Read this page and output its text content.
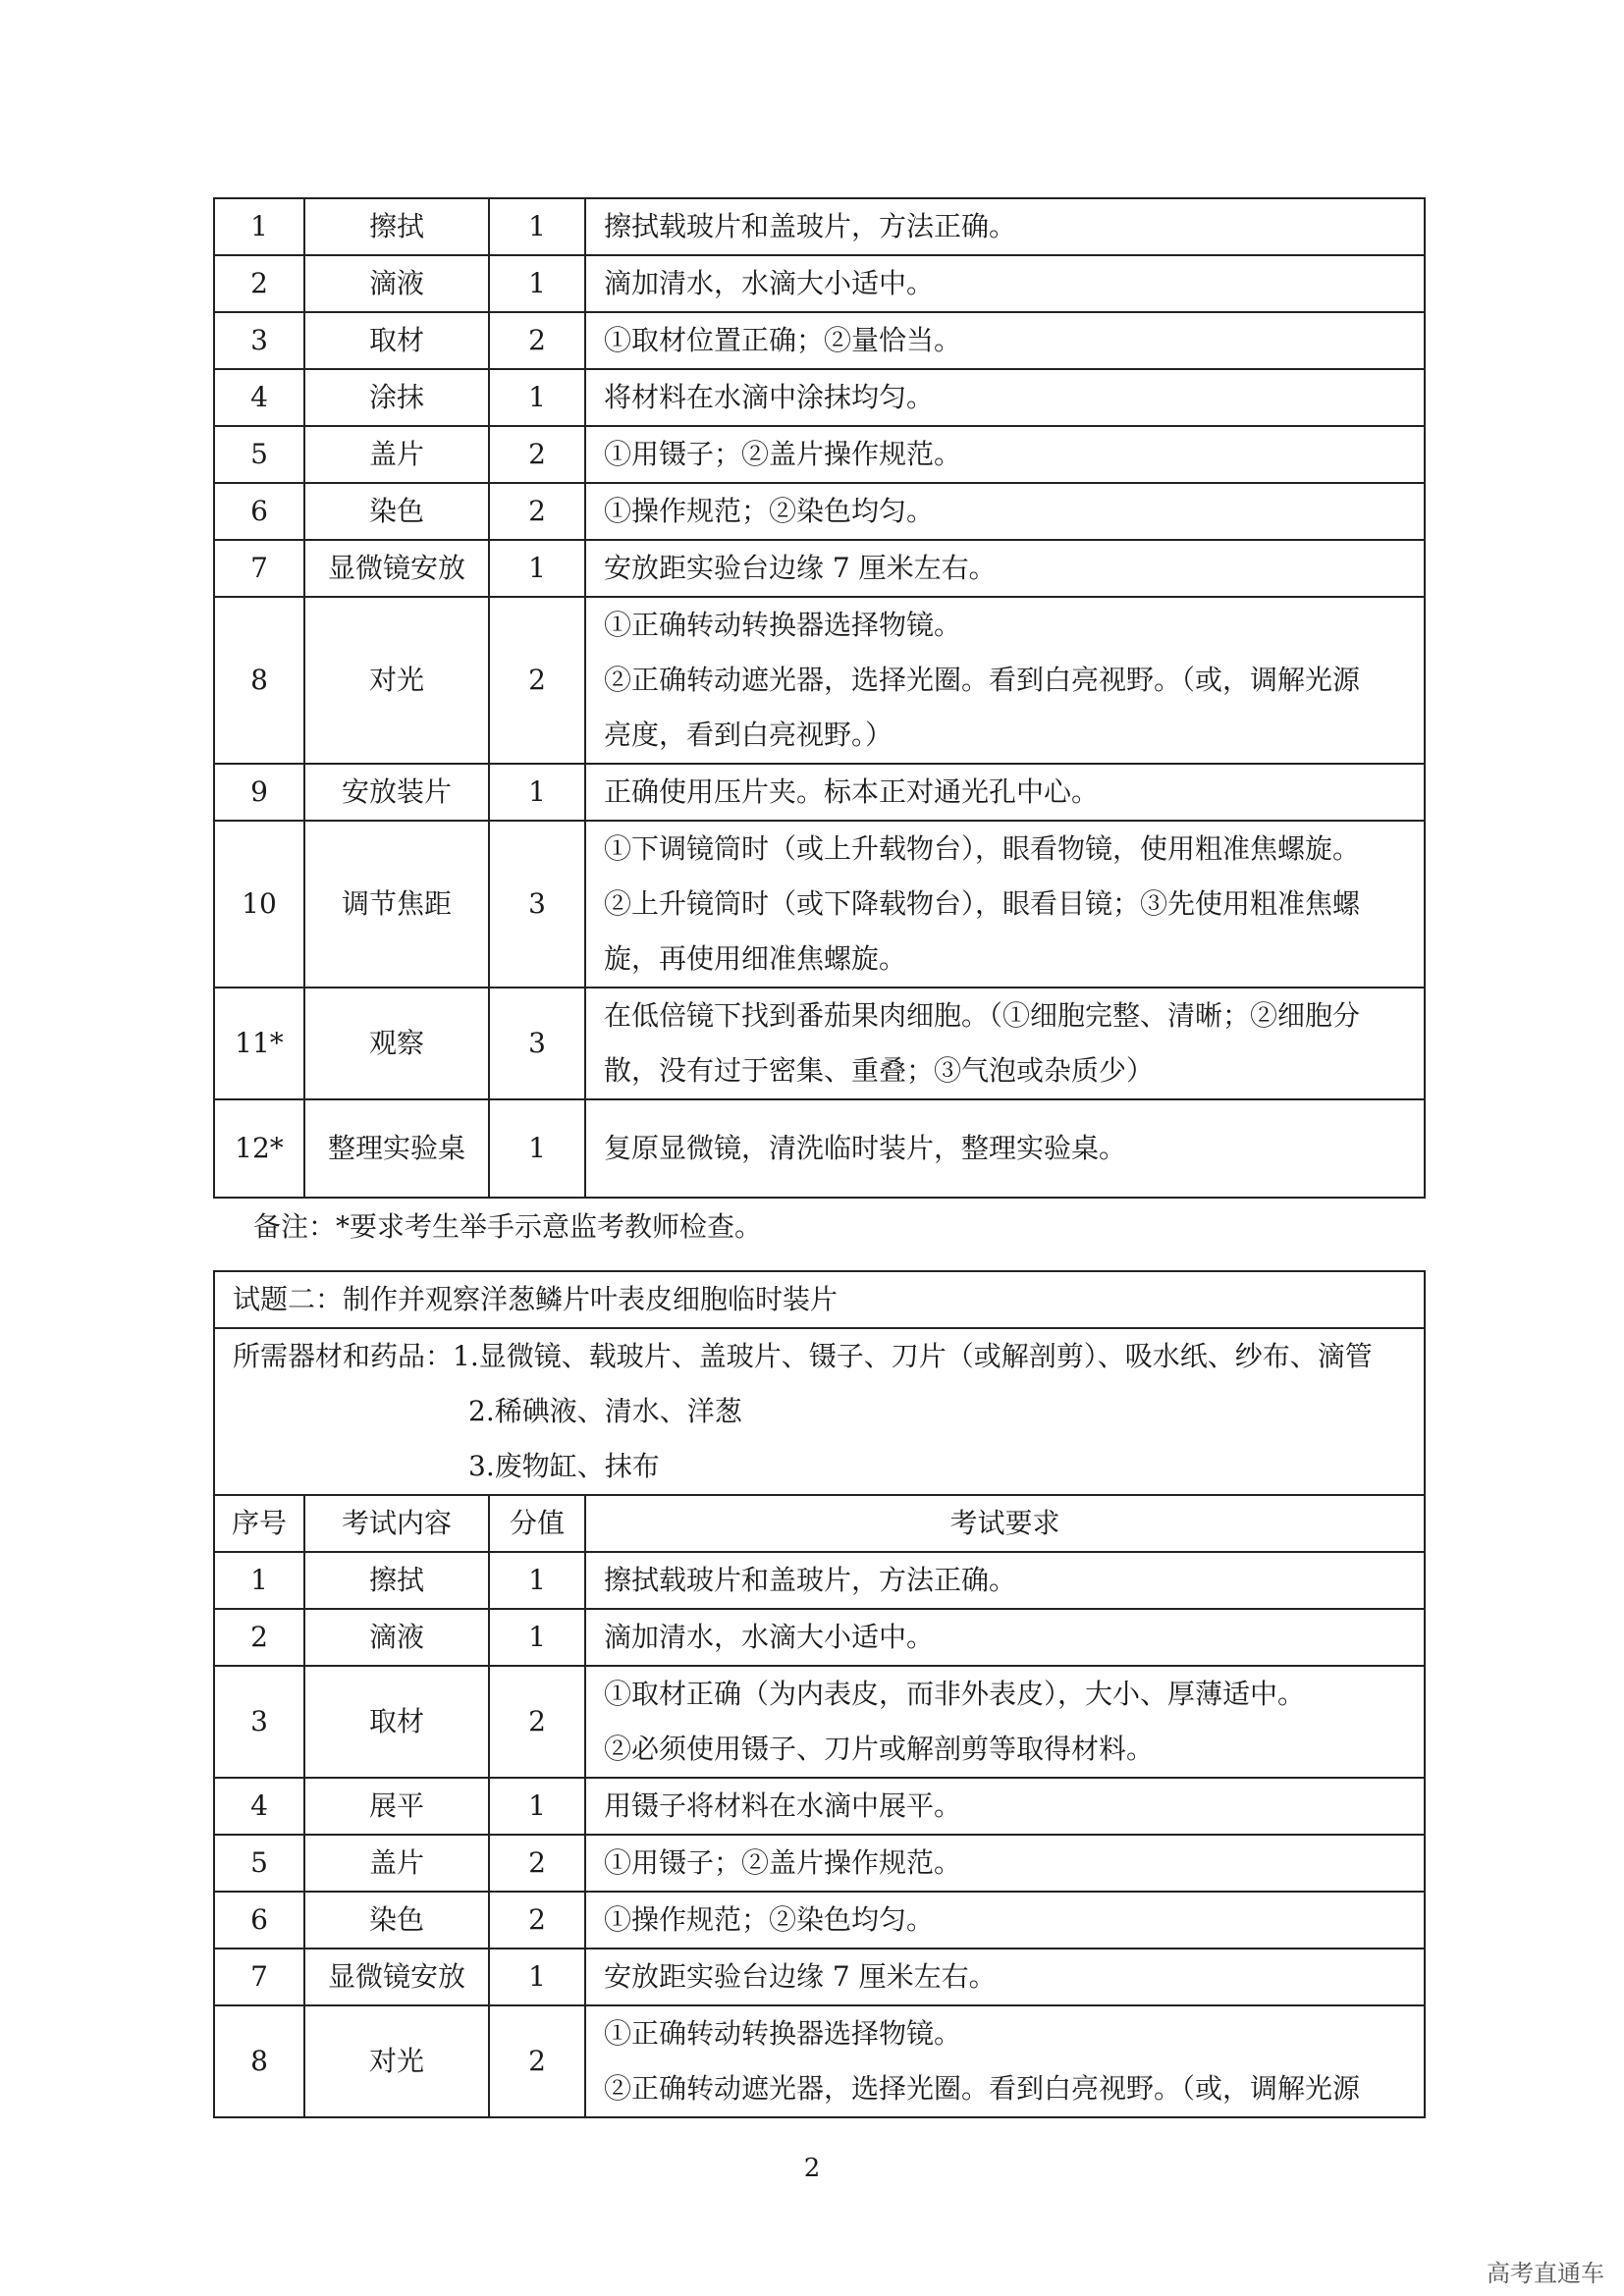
1	擦拭	1	擦拭载玻片和盖玻片，方法正确。

2	滴液	1	滴加清水，水滴大小适中。

3	取材	2	①取材位置正确；②量恰当。

4	涂抹	1	将材料在水滴中涂抹均匀。

5	盖片	2	①用镊子；②盖片操作规范。

6	染色	2	①操作规范；②染色均匀。

7	显微镜安放	1	安放距实验台边缘 7 厘米左右。

8	对光	2	①正确转动转换器选择物镜。
②正确转动遮光器，选择光圈。看到白亮视野。（或，调解光源
亮度，看到白亮视野。）

9	安放装片	1	正确使用压片夹。标本正对通光孔中心。

10	调节焦距	3	①下调镜筒时（或上升载物台），眼看物镜，使用粗准焦螺旋。
②上升镜筒时（或下降载物台），眼看目镜；③先使用粗准焦螺
旋，再使用细准焦螺旋。

11*	观察	3	在低倍镜下找到番茄果肉细胞。（①细胞完整、清晰；②细胞分
散，没有过于密集、重叠；③气泡或杂质少）

12*	整理实验桌	1	复原显微镜，清洗临时装片，整理实验桌。
备注：*要求考生举手示意监考教师检查。
试题二：制作并观察洋葱鳞片叶表皮细胞临时装片			

所需器材和药品：1.显微镜、载玻片、盖玻片、镊子、刀片（或解剖剪）、吸水纸、纱布、滴管
2.稀碘液、清水、洋葱
3.废物缸、抹布			

序号	考试内容	分值	考试要求
1	擦拭	1	擦拭载玻片和盖玻片，方法正确。

2	滴液	1	滴加清水，水滴大小适中。

3	取材	2	①取材正确（为内表皮，而非外表皮），大小、厚薄适中。
②必须使用镊子、刀片或解剖剪等取得材料。

4	展平	1	用镊子将材料在水滴中展平。

5	盖片	2	①用镊子；②盖片操作规范。

6	染色	2	①操作规范；②染色均匀。

7	显微镜安放	1	安放距实验台边缘 7 厘米左右。

8	对光	2	①正确转动转换器选择物镜。
②正确转动遮光器，选择光圈。看到白亮视野。（或，调解光源
2
高考直通车
